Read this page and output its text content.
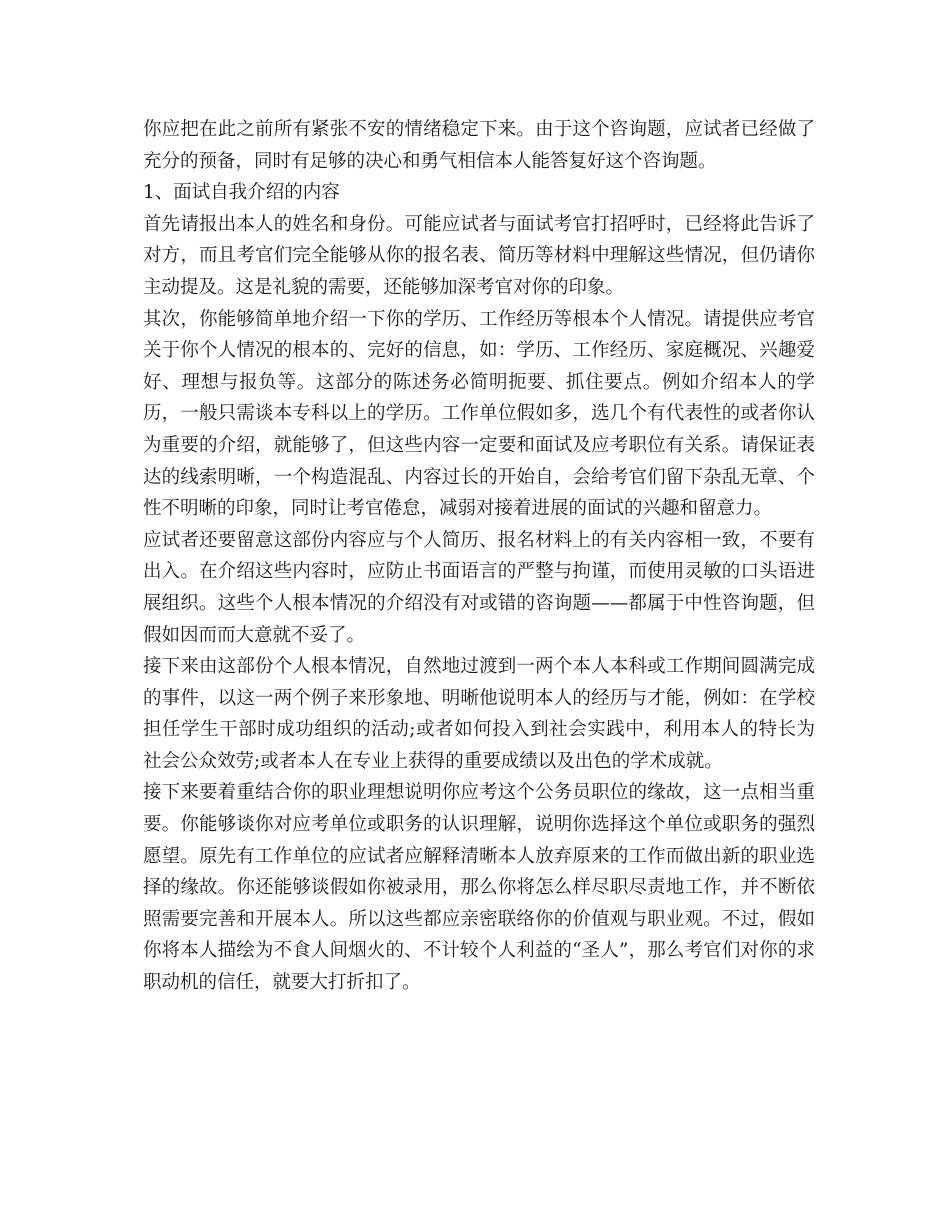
你应把在此之前所有紧张不安的情绪稳定下来。由于这个咨询题，应试者已经做了充分的预备，同时有足够的决心和勇气相信本人能答复好这个咨询题。

1、面试自我介绍的内容

首先请报出本人的姓名和身份。可能应试者与面试考官打招呼时，已经将此告诉了对方，而且考官们完全能够从你的报名表、简历等材料中理解这些情况，但仍请你主动提及。这是礼貌的需要，还能够加深考官对你的印象。

其次，你能够简单地介绍一下你的学历、工作经历等根本个人情况。请提供应考官关于你个人情况的根本的、完好的信息，如：学历、工作经历、家庭概况、兴趣爱好、理想与报负等。这部分的陈述务必简明扼要、抓住要点。例如介绍本人的学历，一般只需谈本专科以上的学历。工作单位假如多，选几个有代表性的或者你认为重要的介绍，就能够了，但这些内容一定要和面试及应考职位有关系。请保证表达的线索明晰，一个构造混乱、内容过长的开始自，会给考官们留下杂乱无章、个性不明晰的印象，同时让考官倦怠，减弱对接着进展的面试的兴趣和留意力。

应试者还要留意这部份内容应与个人简历、报名材料上的有关内容相一致，不要有出入。在介绍这些内容时，应防止书面语言的严整与拘谨，而使用灵敏的口头语进展组织。这些个人根本情况的介绍没有对或错的咨询题——都属于中性咨询题，但假如因而而大意就不妥了。

接下来由这部份个人根本情况，自然地过渡到一两个本人本科或工作期间圆满完成的事件，以这一两个例子来形象地、明晰他说明本人的经历与才能，例如：在学校担任学生干部时成功组织的活动;或者如何投入到社会实践中，利用本人的特长为社会公众效劳;或者本人在专业上获得的重要成绩以及出色的学术成就。

接下来要着重结合你的职业理想说明你应考这个公务员职位的缘故，这一点相当重要。你能够谈你对应考单位或职务的认识理解，说明你选择这个单位或职务的强烈愿望。原先有工作单位的应试者应解释清晰本人放弃原来的工作而做出新的职业选择的缘故。你还能够谈假如你被录用，那么你将怎么样尽职尽责地工作，并不断依照需要完善和开展本人。所以这些都应亲密联络你的价值观与职业观。不过，假如你将本人描绘为不食人间烟火的、不计较个人利益的“圣人”，那么考官们对你的求职动机的信任，就要大打折扣了。
